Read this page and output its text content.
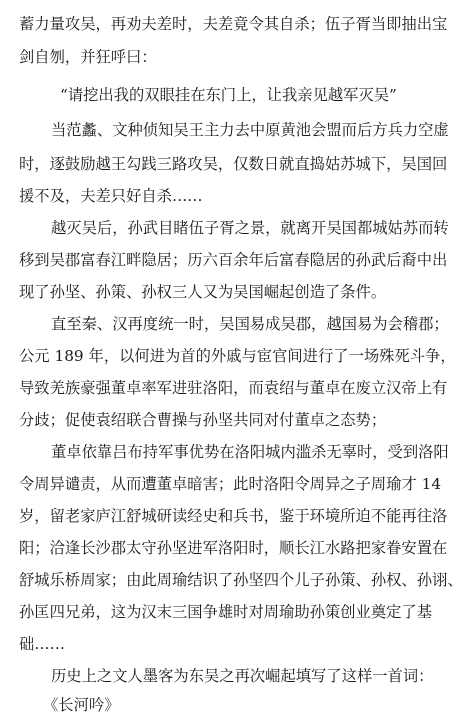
蓄力量攻吴，再劝夫差时，夫差竟令其自杀；伍子胥当即抽出宝
剑自刎，并狂呼曰：
“请挖出我的双眼挂在东门上，让我亲见越军灭吴”
当范蠡、文种侦知吴王主力去中原黄池会盟而后方兵力空虚
时，逐鼓励越王勾践三路攻吴，仅数日就直捣姑苏城下，吴国回
援不及，夫差只好自杀……
越灭吴后，孙武目睹伍子胥之景，就离开吴国都城姑苏而转
移到吴郡富春江畔隐居；历六百余年后富春隐居的孙武后裔中出
现了孙坚、孙策、孙权三人又为吴国崛起创造了条件。
直至秦、汉再度统一时，吴国易成吴郡，越国易为会稽郡；
公元 189 年，以何进为首的外戚与宦官间进行了一场殊死斗争，
导致羌族豪强董卓率军进驻洛阳，而袁绍与董卓在废立汉帝上有
分歧；促使袁绍联合曹操与孙坚共同对付董卓之态势；
董卓依靠吕布持军事优势在洛阳城内滥杀无辜时，受到洛阳
令周异谴责，从而遭董卓暗害；此时洛阳令周异之子周瑜才 14
岁，留老家庐江舒城研读经史和兵书，鉴于环境所迫不能再往洛
阳；洽逢长沙郡太守孙坚进军洛阳时，顺长江水路把家眷安置在
舒城乐桥周家；由此周瑜结识了孙坚四个儿子孙策、孙权、孙诩、
孙匡四兄弟，这为汉末三国争雄时对周瑜助孙策创业奠定了基
础……
历史上之文人墨客为东吴之再次崛起填写了这样一首词：
《长河吟》
